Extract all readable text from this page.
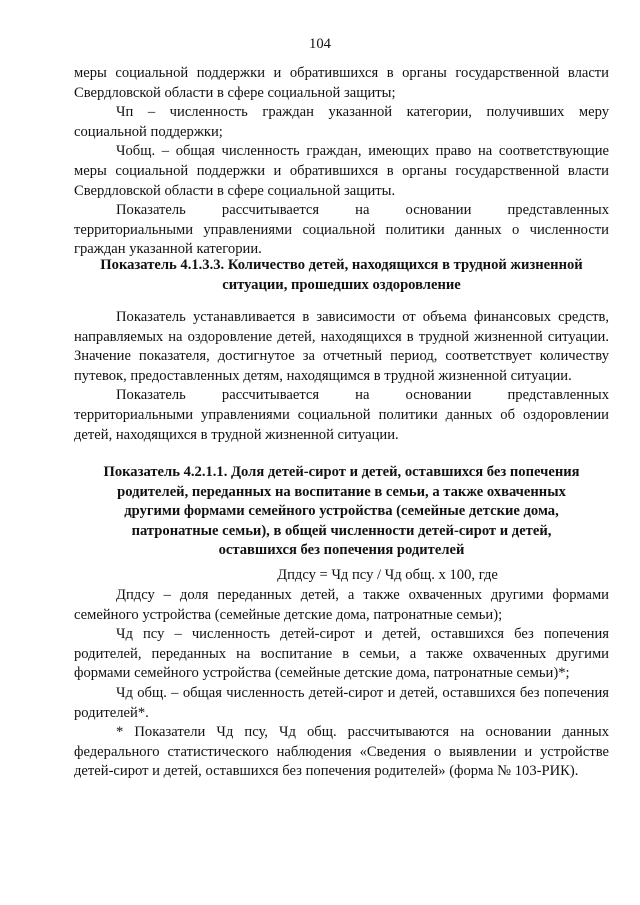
104

меры социальной поддержки и обратившихся в органы государственной власти Свердловской области в сфере социальной защиты;

Чп – численность граждан указанной категории, получивших меру социальной поддержки;

Чобщ. – общая численность граждан, имеющих право на соответствующие меры социальной поддержки и обратившихся в органы государственной власти Свердловской области в сфере социальной защиты.

Показатель рассчитывается на основании представленных

территориальными управлениями социальной политики данных о численности граждан указанной категории.

Показатель 4.1.3.3. Количество детей, находящихся в трудной жизненной

ситуации, прошедших оздоровление

Показатель устанавливается в зависимости от объема финансовых средств, направляемых на оздоровление детей, находящихся в трудной жизненной ситуации. Значение показателя, достигнутое за отчетный период, соответствует количеству путевок, предоставленных детям, находящимся в трудной жизненной ситуации.

Показатель рассчитывается на основании представленных

территориальными управлениями социальной политики данных об оздоровлении детей, находящихся в трудной жизненной ситуации.

Показатель 4.2.1.1. Доля детей-сирот и детей, оставшихся без попечения

родителей, переданных на воспитание в семьи, а также охваченных

другими формами семейного устройства (семейные детские дома,

патронатные семьи), в общей численности детей-сирот и детей,

оставшихся без попечения родителей

Дпдсу = Чд псу / Чд общ. х 100, где

Дпдсу – доля переданных детей, а также охваченных другими формами семейного устройства (семейные детские дома, патронатные семьи);

Чд псу – численность детей-сирот и детей, оставшихся без попечения родителей, переданных на воспитание в семьи, а также охваченных другими формами семейного устройства (семейные детские дома, патронатные семьи)*;

Чд общ. – общая численность детей-сирот и детей, оставшихся без попечения родителей*.

* Показатели Чд псу, Чд общ. рассчитываются на основании данных федерального статистического наблюдения «Сведения о выявлении и устройстве детей-сирот и детей, оставшихся без попечения родителей» (форма № 103-РИК).
